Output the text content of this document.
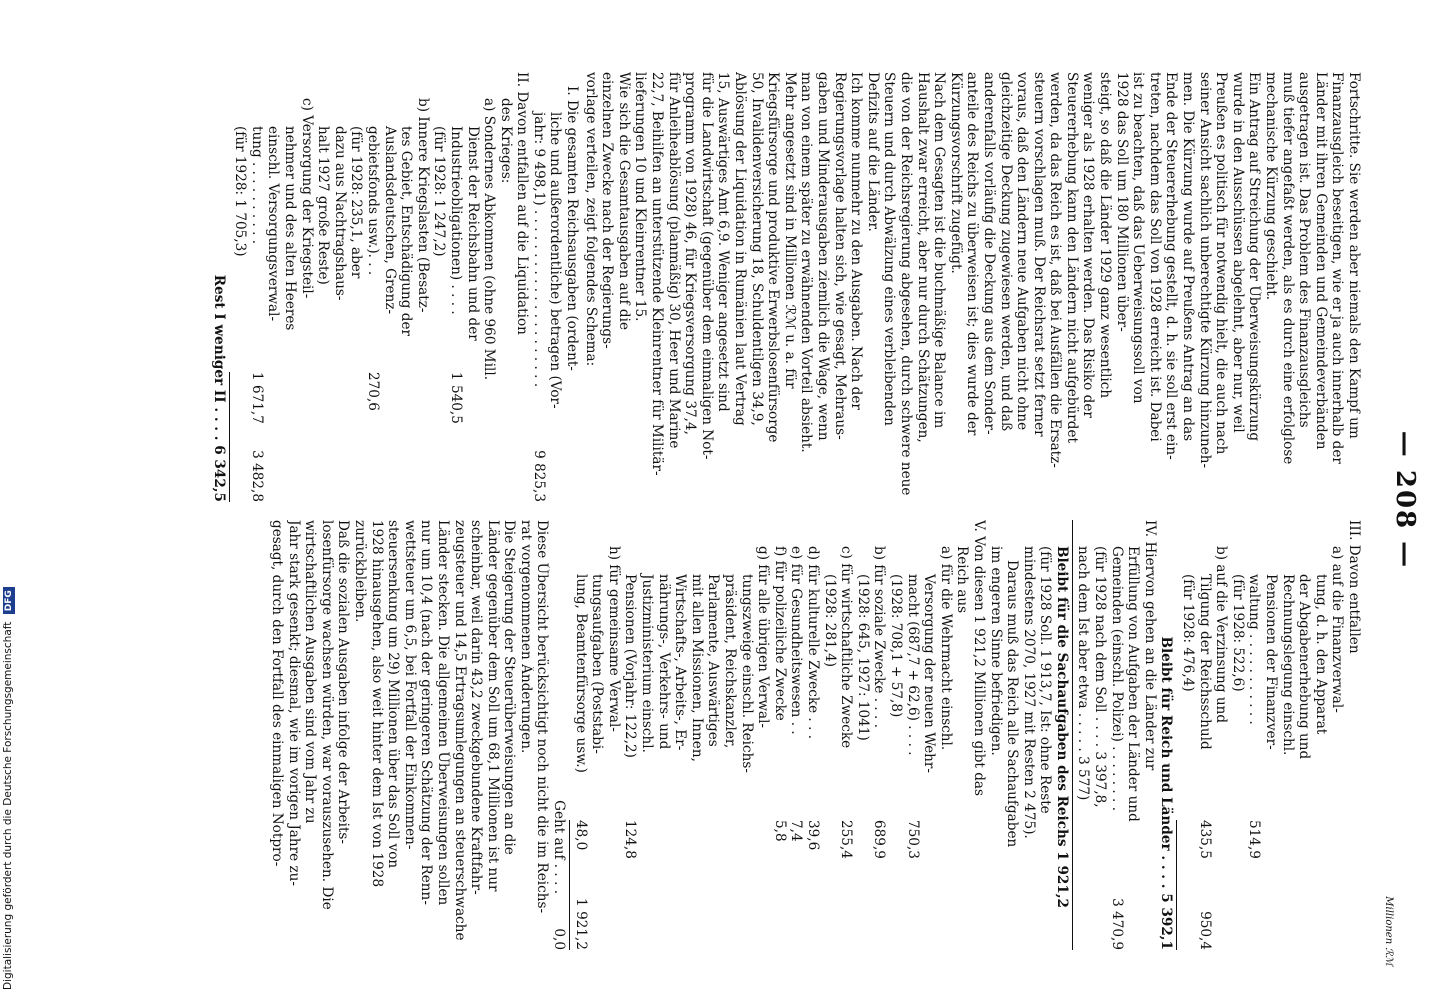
— 208 —
Millionen ℛℳ
Fortschritte. Sie werden aber niemals den Kampf um
Finanzausgleich beseitigen, wie er ja auch innerhalb der
Länder mit ihren Gemeinden und Gemeindeverbänden
ausgetragen ist. Das Problem des Finanzausgleichs
muß tiefer angefaßt werden, als es durch eine erfolglose
mechanische Kürzung geschieht.
Ein Antrag auf Streichung der Überweisungskürzung
wurde in den Ausschüssen abgelehnt, aber nur, weil
Preußen es politisch für notwendig hielt, die auch nach
seiner Ansicht sachlich unberechtigte Kürzung hinzuneh-
men. Die Kürzung wurde auf Preußens Antrag an das
Ende der Steuererhebung gestellt, d. h. sie soll erst ein-
treten, nachdem das Soll von 1928 erreicht ist. Dabei
ist zu beachten, daß das Ueberweisungssoll von
1928 das Soll um 180 Millionen über-
steigt, so daß die Länder 1929 ganz wesentlich
weniger als 1928 erhalten werden. Das Risiko der
Steuererhebung kann den Ländern nicht aufgebürdet
werden, da das Reich es ist, daß bei Ausfällen die Ersatz-
steuern vorschlagen muß. Der Reichsrat setzt ferner
voraus, daß den Ländern neue Aufgaben nicht ohne
gleichzeitige Deckung zugewiesen werden, und daß
anderenfalls vorläufig die Deckung aus dem Sonder-
anteile des Reichs zu überweisen ist; dies wurde der
Kürzungsvorschrift zugefügt.
Nach dem Gesagten ist die buchmäßige Balance im
Haushalt zwar erreicht, aber nur durch Schätzungen,
die von der Reichsregierung abgesehen, durch schwere neue
Steuern und durch Abwälzung eines verbleibenden
Defizits auf die Länder.
Ich komme nunmehr zu den Ausgaben. Nach der
Regierungsvorlage halten sich, wie gesagt, Mehraus-
gaben und Minderausgaben ziemlich die Wage, wenn
man von einem später zu erwähnenden Vorteil absieht.
Mehr angesetzt sind in Millionen ℛℳ u. a. für
Kriegsfürsorge und produktive Erwerbslosenfürsorge
50, Invalidenversicherung 18, Schuldentilgen 34,9,
Ablösung der Liquidation in Rumänien laut Vertrag
15, Auswärtiges Amt 6,9. Weniger angesetzt sind
für die Landwirtschaft (gegenüber dem einmaligen Not-
programm von 1928) 46, für Kriegsversorgung 37,4,
für Anleiheablösung (planmäßig) 30, Heer und Marine
22,7, Beihilfen an unterstützende Kleinrentner für Militär-
lieferungen 10 und Kleinrentner 15.
Wie sich die Gesamtausgaben auf die
einzelnen Zwecke nach der Regierungs-
vorlage verteilen, zeigt folgendes Schema:
I. Die gesamten Reichsausgaben (ordent-
liche und außerordentliche) betragen (Vor-
jahr: 9 498,1) . . . . . . . . . . . . . . . . . . . . .
9 825,3
II. Davon entfallen auf die Liquidation
des Krieges:
a) Sondernes Abkommen (ohne 960 Mill.
Dienst der Reichsbahn und der
Industrieobligationen) . . . .
1 540,5
(für 1928: 1 247,2)
b) Innere Kriegslasten (Besatz-
tes Gebiet, Entschädigung der
Auslandsdeutschen, Grenz-
gebietsfonds usw.). . .
270,6
(für 1928: 235,1, aber
dazu aus Nachtragshaus-
halt 1927 große Reste)
c) Versorgung der Kriegsteil-
nehmer und des alten Heeres
einschl. Versorgungsverwal-
tung . . . . . . . . . .
1 671,7
3 482,8
(für 1928: 1 705,3)
Rest I weniger II . . . . 6 342,5
III. Davon entfallen
a) auf die Finanzverwal-
tung, d. h. den Apparat
der Abgabenerhebung und
Rechnungslegung einschl.
Pensionen der Finanzver-
waltung . . . . . . . . . . .
514,9
(für 1928: 522,6)
b) auf die Verzinsung und
Tilgung der Reichsschuld
435,5
950,4
(für 1928: 476,4)
Bleibt für Reich und Länder . . . . 5 392,1
IV. Hiervon gehen an die Länder zur
Erfüllung von Aufgaben der Länder und
Gemeinden (einschl. Polizei) . . . . . . . .
3 470,9
(für 1928 nach dem Soll . . . . 3 397,8,
nach dem Ist aber etwa . . . . . 3 577)
Bleibt für die Sachaufgaben des Reichs 1 921,2
(für 1928 Soll. 1 913,7, Ist: ohne Reste
mindestens 2070, 1927 mit Resten 2 475).
Daraus muß das Reich alle Sachaufgaben
im engeren Sinne befriedigen.
V. Von diesen 1 921,2 Millionen gibt das
Reich aus
a) für die Wehrmacht einschl.
Versorgung der neuen Wehr-
macht (687,7 + 62,6) . . . .
750,3
(1928: 708,1 + 57,8)
b) für soziale Zwecke . . . .
689,9
(1928: 645, 1927: 1041)
c) für wirtschaftliche Zwecke
255,4
(1928: 281,4)
d) für kulturelle Zwecke . . .
39,6
e) für Gesundheitswesen . .
7,4
f) für polizeiliche Zwecke
5,8
g) für alle übrigen Verwal-
tungszweige einschl. Reichs-
präsident, Reichskanzler,
Parlamente, Auswärtiges
mit allen Missionen, Innen,
Wirtschafts-, Arbeits-, Er-
nährungs-, Verkehrs- und
Justizministerium einschl.
Pensionen (Vorjahr: 122,2)
124,8
h) für gemeinsame Verwal-
tungsaufgaben (Poststabi-
lung, Beamtenfürsorge usw.)
48,0
1 921,2
Geht auf . . . . 0,0
Diese Übersicht berücksichtigt noch nicht die im Reichs-
rat vorgenommenen Änderungen.
Die Steigerung der Steuerüberweisungen an die
Länder gegenüber dem Soll um 68,1 Millionen ist nur
scheinbar, weil darin 43,2 zweckgebundene Kraftfahr-
zeugsteuer und 14,5 Ertragsumlegungen an steuerschwache
Länder stecken. Die allgemeinen Überweisungen sollen
nur um 10,4 (nach der geringeren Schätzung der Renn-
wettsteuer um 6,5, bei Fortfall der Einkommen-
steuersenkung um 29) Millionen über das Soll von
1928 hinausgehen, also weit hinter dem Ist von 1928
zurückbleiben.
Daß die sozialen Ausgaben infolge der Arbeits-
losenfürsorge wachsen würden, war vorauszusehen. Die
wirtschaftlichen Ausgaben sind vom Jahr zu
Jahr stark gesenkt; diesmal, wie im vorigen Jahre zu-
gesagt, durch den Fortfall des einmaligen Notpro-
Digitalisierung gefördert durch die Deutsche Forschungsgemeinschaft DFG
